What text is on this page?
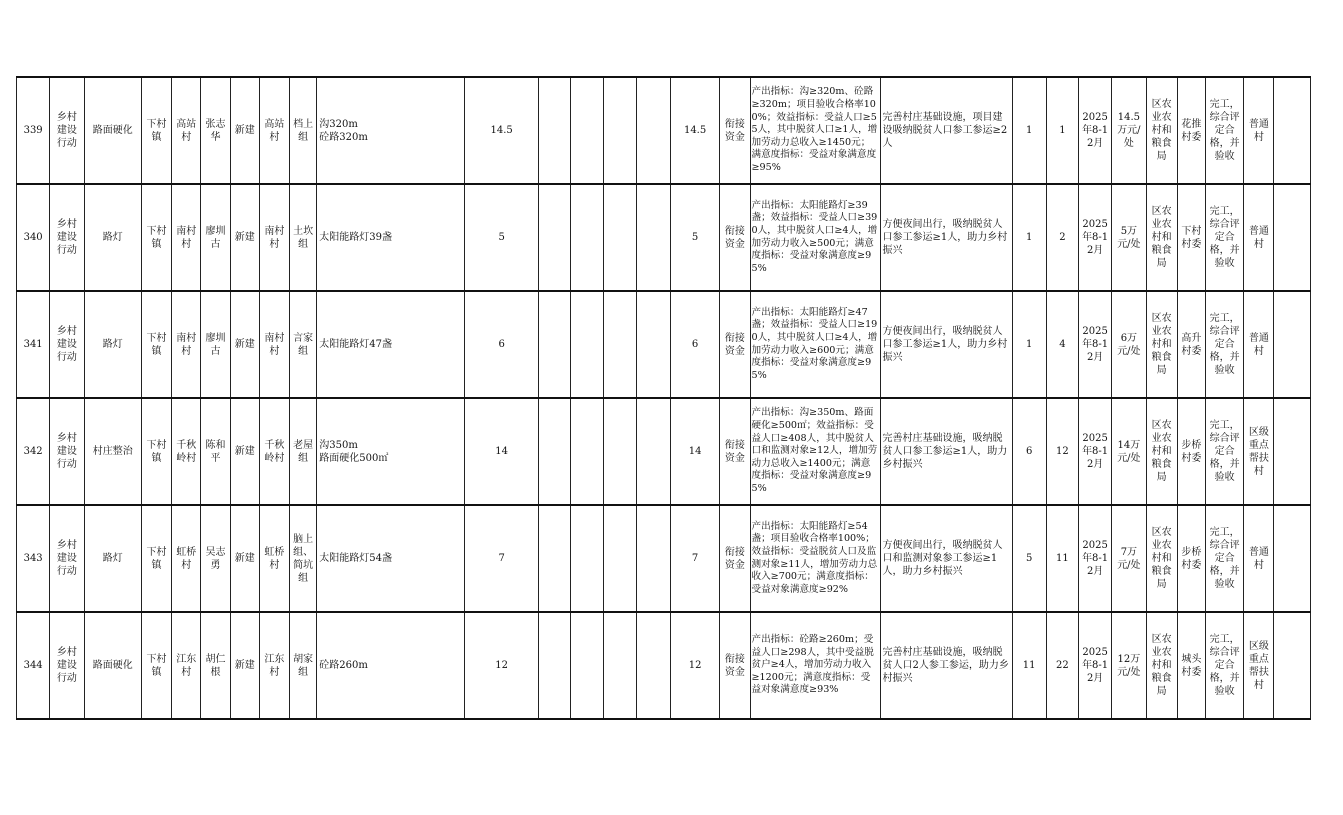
339	乡村建设行动	路面硬化	下村镇	高站村	张志华	新建	高站村	档上组	沟320m
砼路320m	14.5					14.5	衔接资金	产出指标：沟≥320m、砼路≥320m；项目验收合格率100%；效益指标：受益人口≥55人，其中脱贫人口≥1人，增加劳动力总收入≥1450元；满意度指标：受益对象满意度≥95%	完善村庄基础设施，项目建设吸纳脱贫人口参工参运≥2人	1	1	2025年8-12月	14.5万元/处	区农业农村和粮食局	花推村委	完工，综合评定合格，并验收	普通村	
340	乡村建设行动	路灯	下村镇	南村村	廖圳古	新建	南村村	土坎组	太阳能路灯39盏	5					5	衔接资金	产出指标：太阳能路灯≥39盏；效益指标：受益人口≥390人，其中脱贫人口≥4人，增加劳动力收入≥500元；满意度指标：受益对象满意度≥95%	方便夜间出行，吸纳脱贫人口参工参运≥1人，助力乡村振兴	1	2	2025年8-12月	5万元/处	区农业农村和粮食局	下村村委	完工，综合评定合格，并验收	普通村	
341	乡村建设行动	路灯	下村镇	南村村	廖圳古	新建	南村村	言家组	太阳能路灯47盏	6					6	衔接资金	产出指标：太阳能路灯≥47盏；效益指标：受益人口≥190人，其中脱贫人口≥4人，增加劳动力收入≥600元；满意度指标：受益对象满意度≥95%	方便夜间出行，吸纳脱贫人口参工参运≥1人，助力乡村振兴	1	4	2025年8-12月	6万元/处	区农业农村和粮食局	高升村委	完工，综合评定合格，并验收	普通村	
342	乡村建设行动	村庄整治	下村镇	千秋岭村	陈和平	新建	千秋岭村	老屋组	沟350m
路面硬化500㎡	14					14	衔接资金	产出指标：沟≥350m、路面硬化≥500㎡；效益指标：受益人口≥408人，其中脱贫人口和监测对象≥12人，增加劳动力总收入≥1400元；满意度指标：受益对象满意度≥95%	完善村庄基础设施，吸纳脱贫人口参工参运≥1人，助力乡村振兴	6	12	2025年8-12月	14万元/处	区农业农村和粮食局	步桥村委	完工，综合评定合格，并验收	区级重点帮扶村	
343	乡村建设行动	路灯	下村镇	虹桥村	吴志勇	新建	虹桥村	脑上组、简坑组	太阳能路灯54盏	7					7	衔接资金	产出指标：太阳能路灯≥54盏；项目验收合格率100%；效益指标：受益脱贫人口及监测对象≥11人，增加劳动力总收入≥700元；满意度指标：受益对象满意度≥92%	方便夜间出行，吸纳脱贫人口和监测对象参工参运≥1人，助力乡村振兴	5	11	2025年8-12月	7万元/处	区农业农村和粮食局	步桥村委	完工，综合评定合格，并验收	普通村	
344	乡村建设行动	路面硬化	下村镇	江东村	胡仁根	新建	江东村	胡家组	砼路260m	12					12	衔接资金	产出指标：砼路≥260m；受益人口≥298人，其中受益脱贫户≥4人，增加劳动力收入≥1200元；满意度指标：受益对象满意度≥93%	完善村庄基础设施，吸纳脱贫人口2人参工参运，助力乡村振兴	11	22	2025年8-12月	12万元/处	区农业农村和粮食局	城头村委	完工，综合评定合格，并验收	区级重点帮扶村	
